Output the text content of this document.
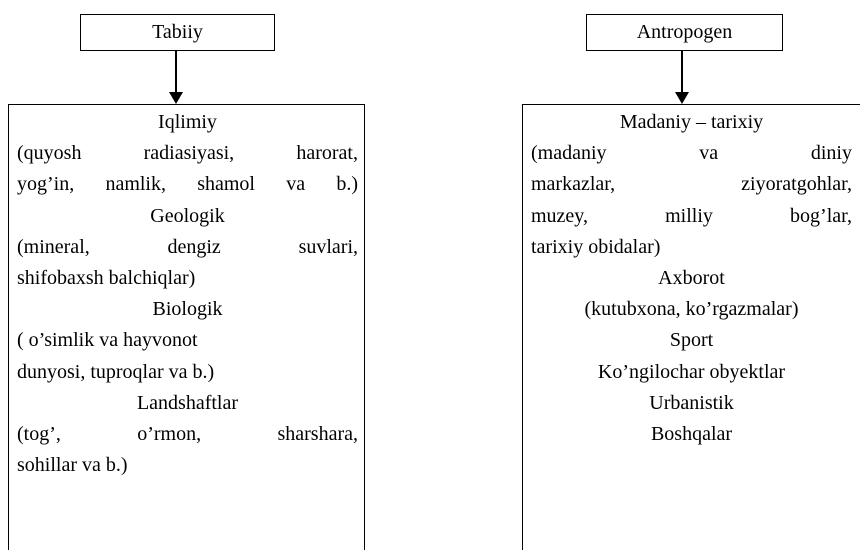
Tabiiy
Iqlimiy
(quyosh	radiasiyasi,	harorat,
yog’in, namlik, shamol va b.)
Geologik
(mineral,	dengiz	suvlari,
shifobaxsh balchiqlar)
Biologik
( o’simlik va hayvonot
dunyosi, tuproqlar va b.)
Landshaftlar
(tog’,	o’rmon,	sharshara,
sohillar va b.)
Antropogen
Madaniy – tarixiy
(madaniy	va	diniy
markazlar,	ziyoratgohlar,
muzey,	milliy	bog’lar,
tarixiy obidalar)
Axborot
(kutubxona, ko’rgazmalar)
Sport
Ko’ngilochar obyektlar
Urbanistik
Boshqalar
